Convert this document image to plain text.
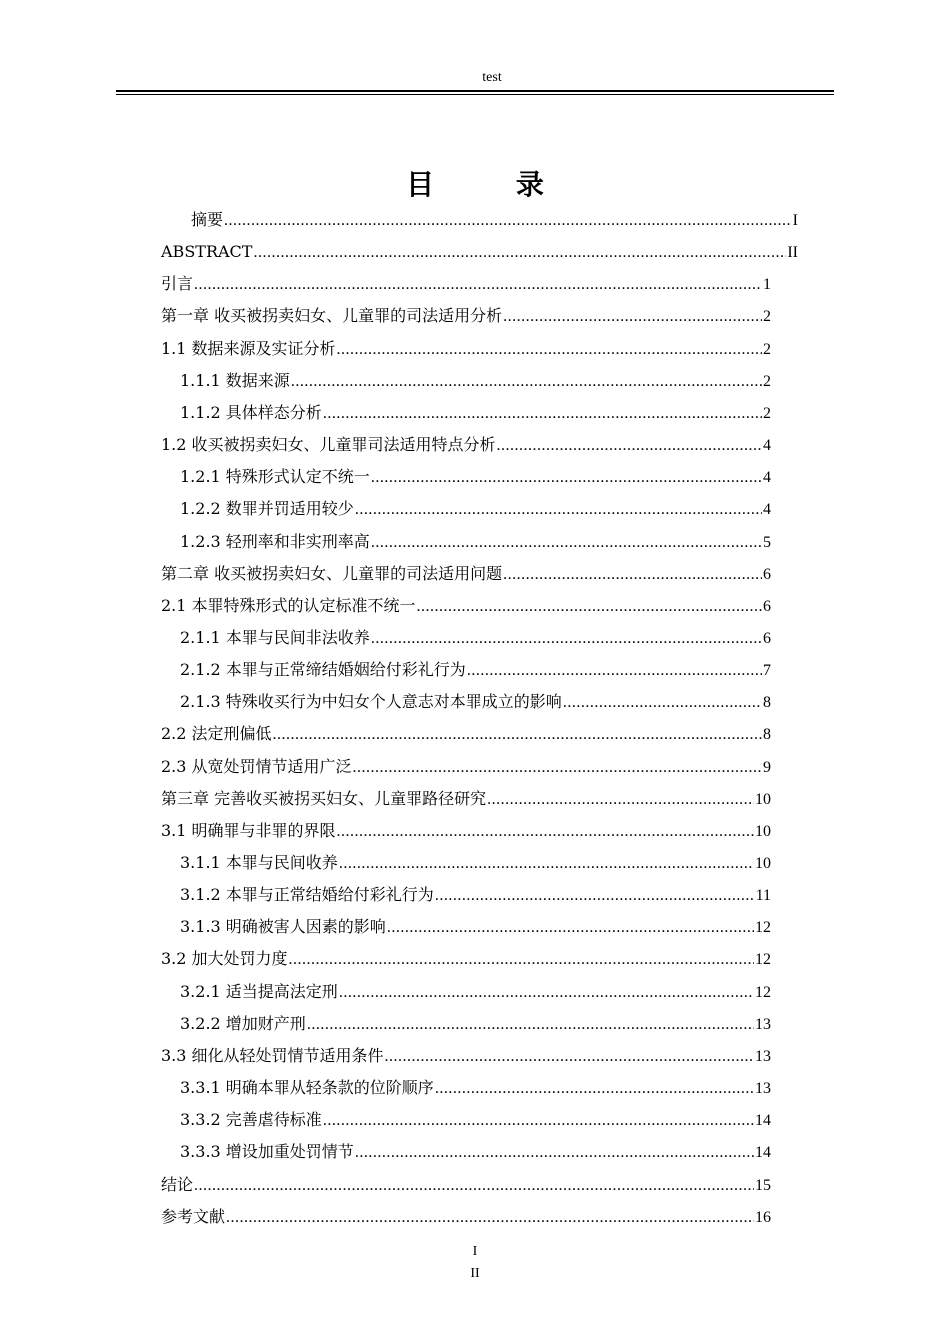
test
目 录
摘要 .....	I
ABSTRACT .....	II
引言 .....	1
第一章 收买被拐卖妇女、儿童罪的司法适用分析 .....	2
1.1 数据来源及实证分析 .....	2
1.1.1 数据来源 .....	2
1.1.2 具体样态分析 .....	2
1.2 收买被拐卖妇女、儿童罪司法适用特点分析 .....	4
1.2.1 特殊形式认定不统一 .....	4
1.2.2 数罪并罚适用较少 .....	4
1.2.3 轻刑率和非实刑率高 .....	5
第二章 收买被拐卖妇女、儿童罪的司法适用问题 .....	6
2.1 本罪特殊形式的认定标准不统一 .....	6
2.1.1 本罪与民间非法收养 .....	6
2.1.2 本罪与正常缔结婚姻给付彩礼行为 .....	7
2.1.3 特殊收买行为中妇女个人意志对本罪成立的影响 .....	8
2.2 法定刑偏低 .....	8
2.3 从宽处罚情节适用广泛 .....	9
第三章 完善收买被拐买妇女、儿童罪路径研究 .....	10
3.1 明确罪与非罪的界限 .....	10
3.1.1 本罪与民间收养 .....	10
3.1.2 本罪与正常结婚给付彩礼行为 .....	11
3.1.3 明确被害人因素的影响 .....	12
3.2 加大处罚力度 .....	12
3.2.1 适当提高法定刑 .....	12
3.2.2 增加财产刑 .....	13
3.3 细化从轻处罚情节适用条件 .....	13
3.3.1 明确本罪从轻条款的位阶顺序 .....	13
3.3.2 完善虐待标准 .....	14
3.3.3 增设加重处罚情节 .....	14
结论 .....	15
参考文献 .....	16
I
II
